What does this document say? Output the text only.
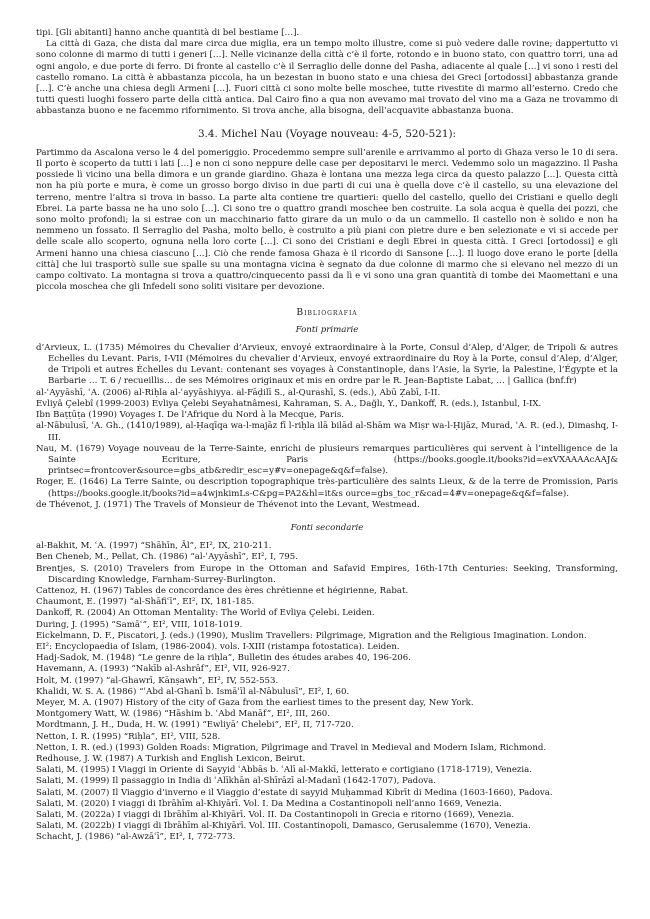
tipi. [Gli abitanti] hanno anche quantità di bel bestiame […].

La città di Gaza, che dista dal mare circa due miglia, era un tempo molto illustre, come si può vedere dalle rovine; dappertutto vi sono colonne di marmo di tutti i generi […]. Nelle vicinanze della città c’è il forte, rotondo e in buono stato, con quattro torri, una ad ogni angolo, e due porte di ferro. Di fronte al castello c’è il Serraglio delle donne del Pasha, adiacente al quale […] vi sono i resti del castello romano. La città è abbastanza piccola, ha un bezestan in buono stato e una chiesa dei Greci [ortodossi] abbastanza grande […]. C’è anche una chiesa degli Armeni […]. Fuori città ci sono molte belle moschee, tutte rivestite di marmo all’esterno. Credo che tutti questi luoghi fossero parte della città antica. Dal Cairo fino a qua non avevamo mai trovato del vino ma a Gaza ne trovammo di abbastanza buono e ne facemmo rifornimento. Si trova anche, alla bisogna, dell’acquavite abbastanza buona.

3.4. Michel Nau (Voyage nouveau: 4-5, 520-521):

Partimmo da Ascalona verso le 4 del pomeriggio. Procedemmo sempre sull’arenile e arrivammo al porto di Ghaza verso le 10 di sera. Il porto è scoperto da tutti i lati […] e non ci sono neppure delle case per depositarvi le merci. Vedemmo solo un magazzino. Il Pasha possiede lì vicino una bella dimora e un grande giardino. Ghaza è lontana una mezza lega circa da questo palazzo […]. Questa città non ha più porte e mura, è come un grosso borgo diviso in due parti di cui una è quella dove c’è il castello, su una elevazione del terreno, mentre l’altra si trova in basso. La parte alta contiene tre quartieri: quello del castello, quello dei Cristiani e quello degli Ebrei. La parte bassa ne ha uno solo […]. Ci sono tre o quattro grandi moschee ben costruite. La sola acqua è quella dei pozzi, che sono molto profondi; la si estrae con un macchinario fatto girare da un mulo o da un cammello. Il castello non è solido e non ha nemmeno un fossato. Il Serraglio del Pasha, molto bello, è costruito a più piani con pietre dure e ben selezionate e vi si accede per delle scale allo scoperto, ognuna nella loro corte […]. Ci sono dei Cristiani e degli Ebrei in questa città. I Greci [ortodossi] e gli Armeni hanno una chiesa ciascuno […]. Ciò che rende famosa Ghaza è il ricordo di Sansone […]. Il luogo dove erano le porte [della città] che lui trasportò sulle sue spalle su una montagna vicina è segnato da due colonne di marmo che si elevano nel mezzo di un campo coltivato. La montagna si trova a quattro/cinquecento passi da lì e vi sono una gran quantità di tombe dei Maomettani e una piccola moschea che gli Infedeli sono soliti visitare per devozione.

Bibliografia
Fonti primarie
d’Arvieux, L. (1735) Mémoires du Chevalier d’Arvieux, envoyé extraordinaire à la Porte, Consul d’Alep, d’Alger, de Tripoli & autres Echelles du Levant. Paris, I-VII (Mémoires du chevalier d’Arvieux, envoyé extraordinaire du Roy à la Porte, consul d’Alep, d’Alger, de Tripoli et autres Échelles du Levant: contenant ses voyages à Constantinople, dans l’Asie, la Syrie, la Palestine, l’Égypte et la Barbarie … T. 6 / recueillis… de ses Mémoires originaux et mis en ordre par le R. Jean-Baptiste Labat, … | Gallica (bnf.fr)
al-ʿAyyāshī, ʿA. (2006) al-Riḥla al-ʿayyāshiyya. al-Fāḍilī S., al-Qurashī, S. (eds.), Abū Ẓabī, I-II.
Evliyâ Çelebî (1999-2003) Evliya Çelebi Seyahatnâmesi, Kahraman, S. A., Dağlı, Y., Dankoff, R. (eds.), Istanbul, I-IX.
Ibn Baṭṭūṭa (1990) Voyages I. De l’Afrique du Nord à la Mecque, Paris.
al-Nābulusī, ʿA. Gh., (1410/1989), al-Ḥaqīqa wa-l-majāz fī l-riḥla ilā bilād al-Shām wa Miṣr wa-l-Ḥijāz, Murad, ʿA. R. (ed.), Dimashq, I-III.
Nau, M. (1679) Voyage nouveau de la Terre-Sainte, enrichi de plusieurs remarques particulières qui servent à l’intelligence de la Sainte Ecriture, Paris (https://books.google.it/books?id=exVXAAAAcAAJ& printsec=frontcover&source=gbs_atb&redir_esc=y#v=onepage&q&f=false).
Roger, E. (1646) La Terre Sainte, ou description topographique très-particulière des saints Lieux, & de la terre de Promission, Paris (https://books.google.it/books?id=a4wjnkimLs-C&pg=PA2&hl=it&s ource=gbs_toc_r&cad=4#v=onepage&q&f=false).
de Thévenot, J. (1971) The Travels of Monsieur de Thévenot into the Levant, Westmead.
Fonti secondarie
al-Bakhit, M. ʿA. (1997) “Shāhīn, Āl”, EI², IX, 210-211.
Ben Cheneb, M., Pellat, Ch. (1986) “al-ʿAyyāshī”, EI², I, 795.
Brentjes, S. (2010) Travelers from Europe in the Ottoman and Safavid Empires, 16th-17th Centuries: Seeking, Transforming, Discarding Knowledge, Farnham-Surrey-Burlington.
Cattenoz, H. (1967) Tables de concordance des ères chrétienne et hégirienne, Rabat.
Chaumont, E. (1997) “al-Shāfiʿī”, EI², IX, 181-185.
Dankoff, R. (2004) An Ottoman Mentality: The World of Evliya Çelebi. Leiden.
During, J. (1995) “Samāʿ”, EI², VIII, 1018-1019.
Eickelmann, D. F., Piscatori, J. (eds.) (1990), Muslim Travellers: Pilgrimage, Migration and the Religious Imagination. London.
EI²: Encyclopaedia of Islam, (1986-2004). vols. I-XIII (ristampa fotostatica). Leiden.
Hadj-Sadok, M. (1948) “Le genre de la riḥla”, Bulletin des études arabes 40, 196-206.
Havemann, A. (1993) “Nakīb al-Ashrāf”, EI², VII, 926-927.
Holt, M. (1997) “al-Ghawrī, Kānṣawh”, EI², IV, 552-553.
Khalidi, W. S. A. (1986) “ʿAbd al-Ghanī b. Ismāʿīl al-Nābulusī”, EI², I, 60.
Meyer, M. A. (1907) History of the city of Gaza from the earliest times to the present day, New York.
Montgomery Watt, W. (1986) “Hāshim b. ʿAbd Manāf”, EI², III, 260.
Mordtmann, J. H., Duda, H. W. (1991) “Ewliyā’ Chelebi”, EI², II, 717-720.
Netton, I. R. (1995) “Riḥla”, EI², VIII, 528.
Netton, I. R. (ed.) (1993) Golden Roads: Migration, Pilgrimage and Travel in Medieval and Modern Islam, Richmond.
Redhouse, J. W. (1987) A Turkish and English Lexicon, Beirut.
Salati, M. (1995) I Viaggi in Oriente di Sayyid ʿAbbās b. ʿAlī al-Makkī, letterato e cortigiano (1718-1719), Venezia.
Salati, M. (1999) Il passaggio in India di ʿAlīkhān al-Shīrāzī al-Madanī (1642-1707), Padova.
Salati, M. (2007) Il Viaggio d’inverno e il Viaggio d’estate di sayyid Muḥammad Kibrīt di Medina (1603-1660), Padova.
Salati, M. (2020) I viaggi di Ibrāhīm al-Khiyārī. Vol. I. Da Medina a Costantinopoli nell’anno 1669, Venezia.
Salati, M. (2022a) I viaggi di Ibrāhīm al-Khiyārī. Vol. II. Da Costantinopoli in Grecia e ritorno (1669), Venezia.
Salati, M. (2022b) I viaggi di Ibrāhīm al-Khiyārī. Vol. III. Costantinopoli, Damasco, Gerusalemme (1670), Venezia.
Schacht, J. (1986) “al-Awzāʿī”, EI², I, 772-773.
